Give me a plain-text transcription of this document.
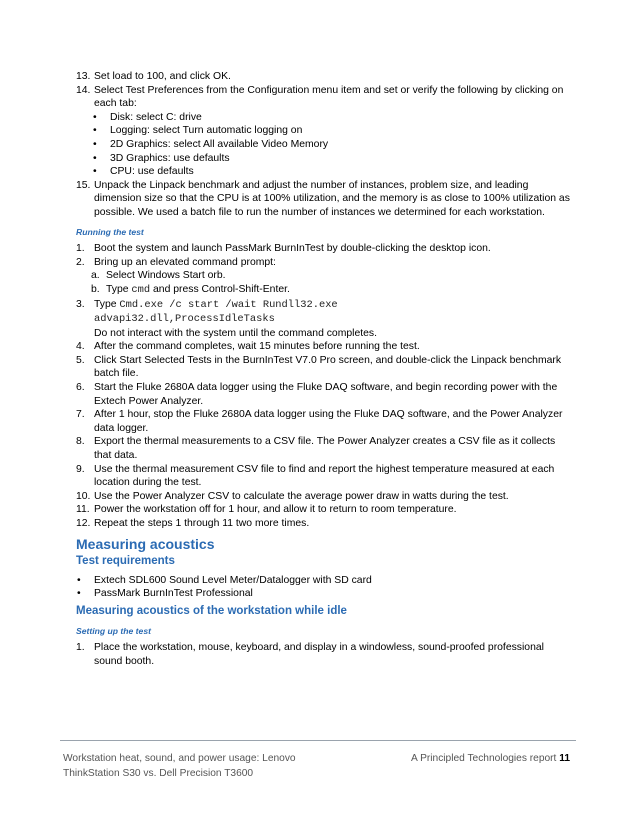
13. Set load to 100, and click OK.
14. Select Test Preferences from the Configuration menu item and set or verify the following by clicking on each tab:
• Disk: select C: drive
• Logging: select Turn automatic logging on
• 2D Graphics: select All available Video Memory
• 3D Graphics: use defaults
• CPU: use defaults
15. Unpack the Linpack benchmark and adjust the number of instances, problem size, and leading dimension size so that the CPU is at 100% utilization, and the memory is as close to 100% utilization as possible. We used a batch file to run the number of instances we determined for each workstation.
Running the test
1. Boot the system and launch PassMark BurnInTest by double-clicking the desktop icon.
2. Bring up an elevated command prompt:
a. Select Windows Start orb.
b. Type cmd and press Control-Shift-Enter.
3. Type Cmd.exe /c start /wait Rundll32.exe
advapi32.dll,ProcessIdleTasks
Do not interact with the system until the command completes.
4. After the command completes, wait 15 minutes before running the test.
5. Click Start Selected Tests in the BurnInTest V7.0 Pro screen, and double-click the Linpack benchmark batch file.
6. Start the Fluke 2680A data logger using the Fluke DAQ software, and begin recording power with the Extech Power Analyzer.
7. After 1 hour, stop the Fluke 2680A data logger using the Fluke DAQ software, and the Power Analyzer data logger.
8. Export the thermal measurements to a CSV file. The Power Analyzer creates a CSV file as it collects that data.
9. Use the thermal measurement CSV file to find and report the highest temperature measured at each location during the test.
10. Use the Power Analyzer CSV to calculate the average power draw in watts during the test.
11. Power the workstation off for 1 hour, and allow it to return to room temperature.
12. Repeat the steps 1 through 11 two more times.
Measuring acoustics
Test requirements
• Extech SDL600 Sound Level Meter/Datalogger with SD card
• PassMark BurnInTest Professional
Measuring acoustics of the workstation while idle
Setting up the test
1. Place the workstation, mouse, keyboard, and display in a windowless, sound-proofed professional sound booth.
Workstation heat, sound, and power usage: Lenovo
ThinkStation S30 vs. Dell Precision T3600
A Principled Technologies report 11
